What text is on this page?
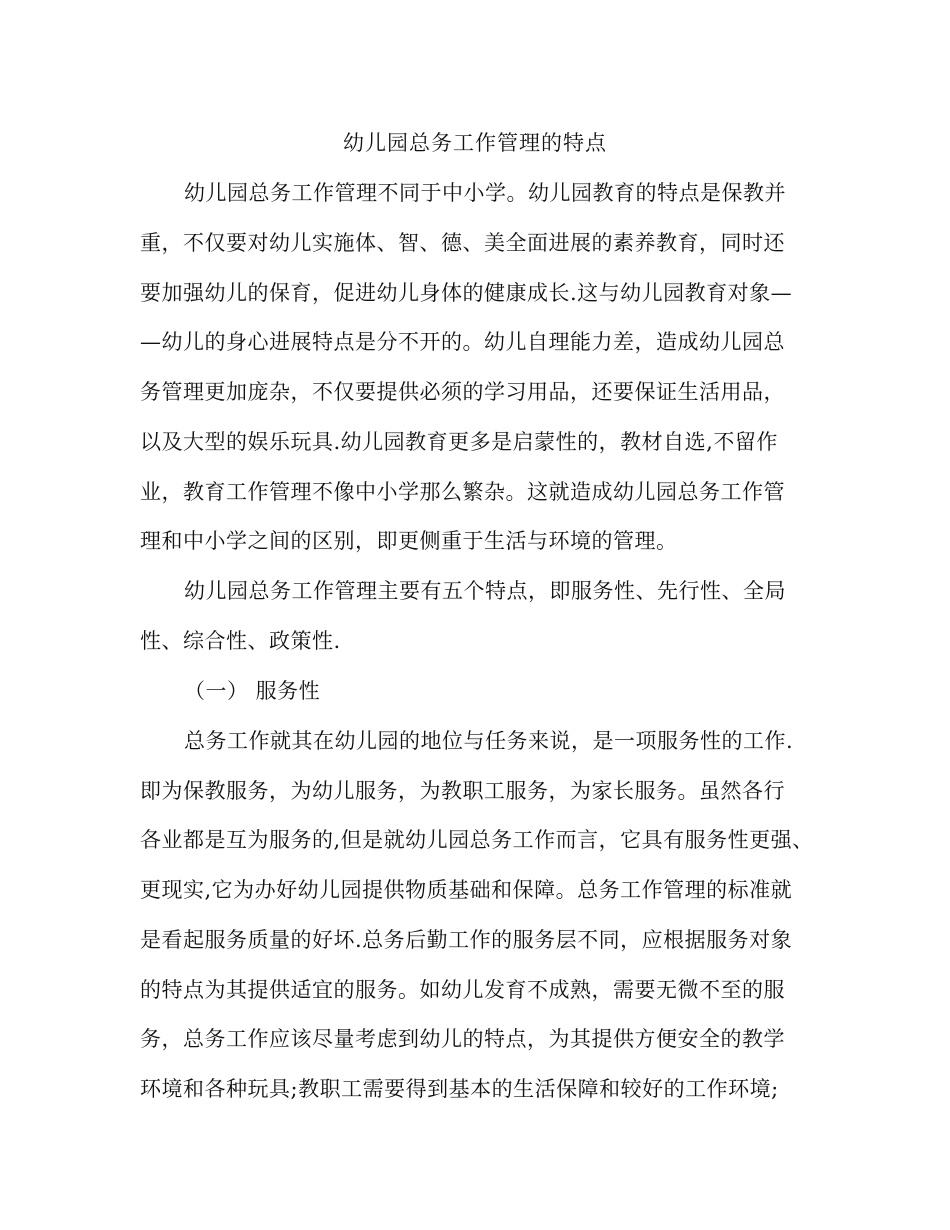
幼儿园总务工作管理的特点
幼儿园总务工作管理不同于中小学。幼儿园教育的特点是保教并
重，不仅要对幼儿实施体、智、德、美全面进展的素养教育，同时还
要加强幼儿的保育，促进幼儿身体的健康成长.这与幼儿园教育对象—
—幼儿的身心进展特点是分不开的。幼儿自理能力差，造成幼儿园总
务管理更加庞杂，不仅要提供必须的学习用品，还要保证生活用品，
以及大型的娱乐玩具.幼儿园教育更多是启蒙性的，教材自选,不留作
业，教育工作管理不像中小学那么繁杂。这就造成幼儿园总务工作管
理和中小学之间的区别，即更侧重于生活与环境的管理。
幼儿园总务工作管理主要有五个特点，即服务性、先行性、全局
性、综合性、政策性.
（一） 服务性
总务工作就其在幼儿园的地位与任务来说，是一项服务性的工作.
即为保教服务，为幼儿服务，为教职工服务，为家长服务。虽然各行
各业都是互为服务的,但是就幼儿园总务工作而言，它具有服务性更强、
更现实,它为办好幼儿园提供物质基础和保障。总务工作管理的标准就
是看起服务质量的好坏.总务后勤工作的服务层不同，应根据服务对象
的特点为其提供适宜的服务。如幼儿发育不成熟，需要无微不至的服
务，总务工作应该尽量考虑到幼儿的特点，为其提供方便安全的教学
环境和各种玩具;教职工需要得到基本的生活保障和较好的工作环境;
